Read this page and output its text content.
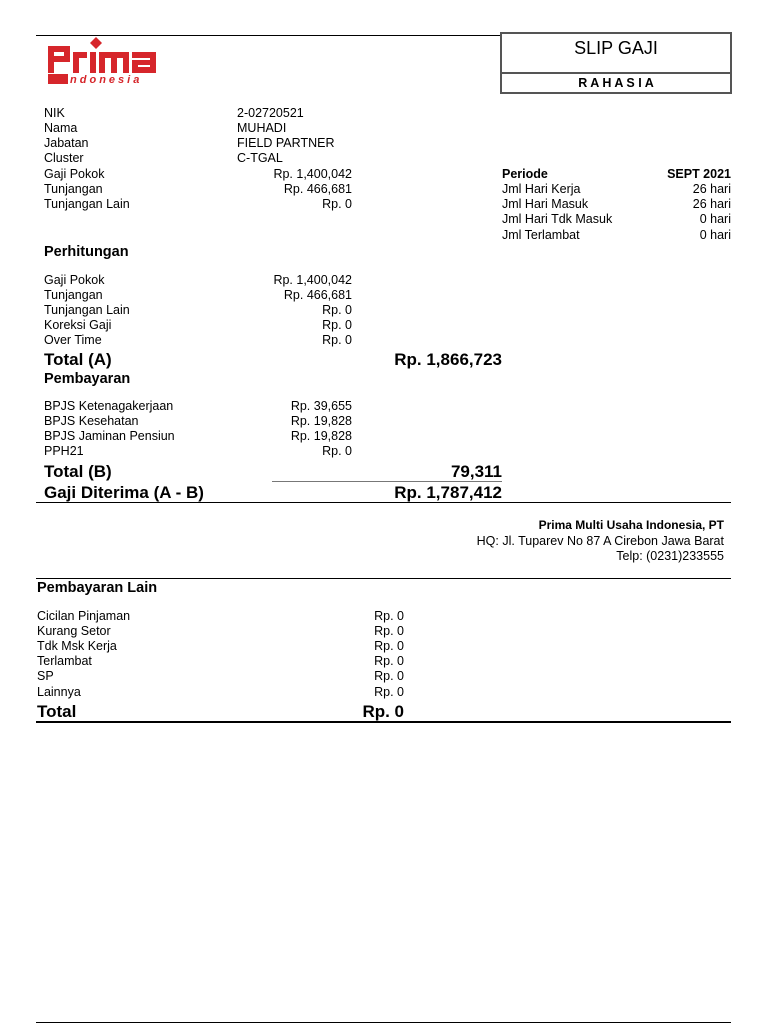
Indonesia
SLIP GAJI
R A H A S I A
NIK	2-02720521
Nama	MUHADI
Jabatan	FIELD PARTNER
Cluster	C-TGAL
Gaji Pokok	Rp. 1,400,042
Tunjangan	Rp. 466,681
Tunjangan Lain	Rp. 0
Periode	SEPT 2021
Jml Hari Kerja	26 hari
Jml Hari Masuk	26 hari
Jml Hari Tdk Masuk	0 hari
Jml Terlambat	0 hari
Perhitungan
Gaji Pokok	Rp. 1,400,042
Tunjangan	Rp. 466,681
Tunjangan Lain	Rp. 0
Koreksi Gaji	Rp. 0
Over Time	Rp. 0
Total (A)	Rp. 1,866,723
Pembayaran
BPJS Ketenagakerjaan	Rp. 39,655
BPJS Kesehatan	Rp. 19,828
BPJS Jaminan Pensiun	Rp. 19,828
PPH21	Rp. 0
Total (B)	79,311
Gaji Diterima (A - B)	Rp. 1,787,412
Prima Multi Usaha Indonesia, PT
HQ: Jl. Tuparev No 87 A Cirebon Jawa Barat
Telp: (0231)233555
Pembayaran Lain
Cicilan Pinjaman	Rp. 0
Kurang Setor	Rp. 0
Tdk Msk Kerja	Rp. 0
Terlambat	Rp. 0
SP	Rp. 0
Lainnya	Rp. 0
Total	Rp. 0
